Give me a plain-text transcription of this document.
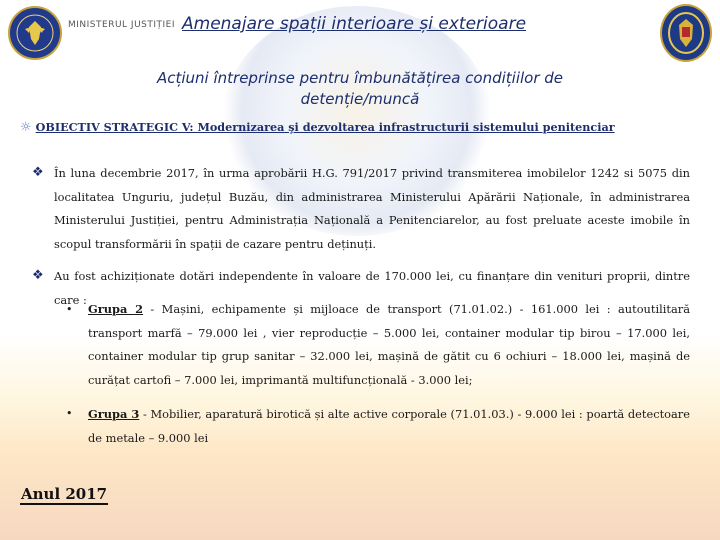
MINISTERUL JUSTIȚIEI Amenajare spații interioare și exterioare
Acțiuni întreprinse pentru îmbunătățirea condițiilor de detenție/muncă
☼ OBIECTIV STRATEGIC V: Modernizarea şi dezvoltarea infrastructurii sistemului penitenciar
❖ În luna decembrie 2017, în urma aprobării H.G. 791/2017 privind transmiterea imobilelor 1242 si 5075 din localitatea Unguriu, județul Buzău, din administrarea Ministerului Apărării Naționale, în administrarea Ministerului Justiției, pentru Administrația Națională a Penitenciarelor, au fost preluate aceste imobile în scopul transformării în spații de cazare pentru deținuți.
❖ Au fost achiziționate dotări independente în valoare de 170.000 lei, cu finanțare din venituri proprii, dintre care :
• Grupa 2 - Mașini, echipamente și mijloace de transport (71.01.02.) - 161.000 lei : autoutilitară transport marfă – 79.000 lei , vier reproducție – 5.000 lei, container modular tip birou – 17.000 lei, container modular tip grup sanitar – 32.000 lei, mașină de gătit cu 6 ochiuri – 18.000 lei, mașină de curățat cartofi – 7.000 lei, imprimantă multifuncțională - 3.000 lei;
• Grupa 3 - Mobilier, aparatură birotică și alte active corporale (71.01.03.) - 9.000 lei : poartă detectoare de metale – 9.000 lei
Anul 2017
